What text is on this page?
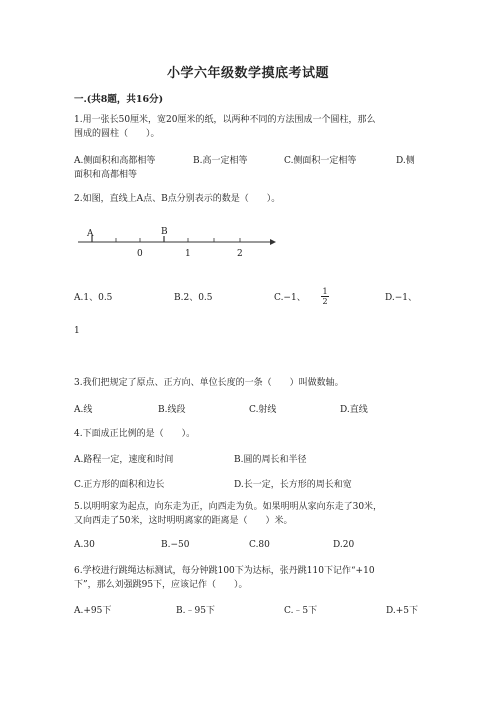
小学六年级数学摸底考试题
一.(共8题，共16分)
1.用一张长50厘米，宽20厘米的纸，以两种不同的方法围成一个圆柱，那么
围成的圆柱（　　）。
A.侧面积和高都相等	B.高一定相等	C.侧面积一定相等	D.侧
面积和高都相等
2.如图，直线上A点、B点分别表示的数是（　　）。
A	B
0	1	2
A.1、0.5	B.2、0.5	C.−1、
1
2	D.−1、
1
3.我们把规定了原点、正方向、单位长度的一条（　　）叫做数轴。
A.线	B.线段	C.射线	D.直线
4.下面成正比例的是（　　）。
A.路程一定，速度和时间	B.圆的周长和半径
C.正方形的面积和边长	D.长一定，长方形的周长和宽
5.以明明家为起点，向东走为正，向西走为负。如果明明从家向东走了30米，
又向西走了50米，这时明明离家的距离是（　　）米。
A.30	B.−50	C.80	D.20
6.学校进行跳绳达标测试，每分钟跳100下为达标，张丹跳110下记作“+10
下”，那么刘强跳95下，应该记作（　　）。
A.+95下	B.﹣95下	C.﹣5下	D.+5下
